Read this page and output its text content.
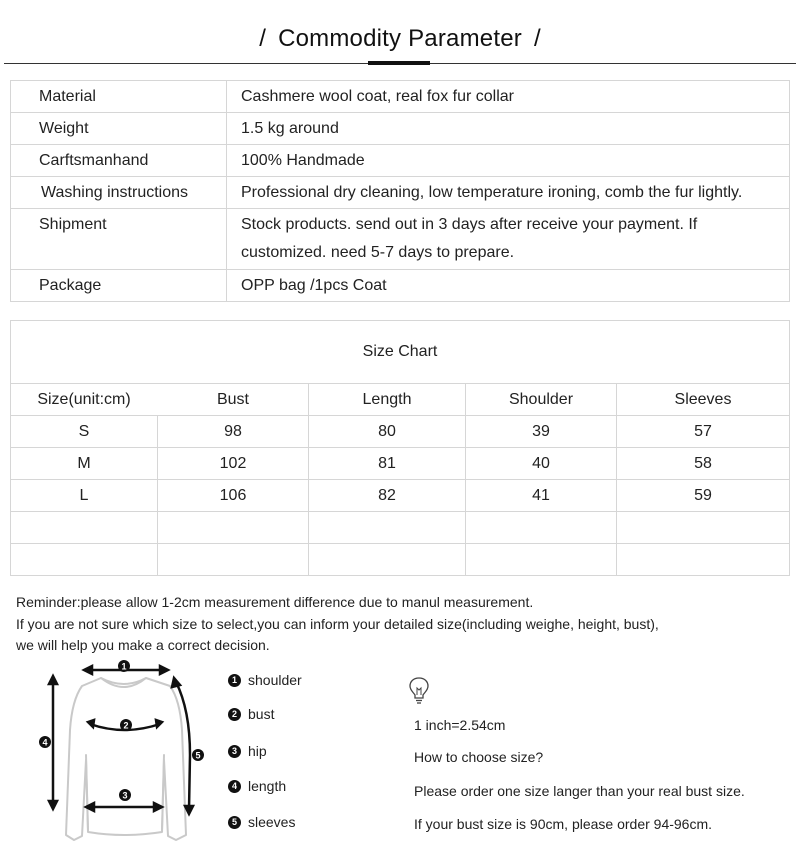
/ Commodity Parameter /
Material	Cashmere wool coat, real fox fur collar
Weight	1.5 kg around
Carftsmanhand	100% Handmade
Washing instructions	Professional dry cleaning, low temperature ironing, comb the fur lightly.
Shipment	Stock products. send out in 3 days after receive your payment. If
customized. need 5-7 days to prepare.

Package	OPP bag /1pcs Coat
Size Chart				
Size(unit:cm)	Bust	Length	Shoulder	Sleeves
S	98	80	39	57
M	102	81	40	58
L	106	82	41	59

Reminder:please allow 1-2cm measurement difference due to manul measurement.
If you are not sure which size to select,you can inform your detailed size(including weighe, height, bust),
we will help you make a correct decision.
1
2
3
4
5
1 shoulder
2 bust
3 hip
4 length
5 sleeves
1 inch=2.54cm
How to choose size?
Please order one size langer than your real bust size.
If your bust size is 90cm, please order 94-96cm.
